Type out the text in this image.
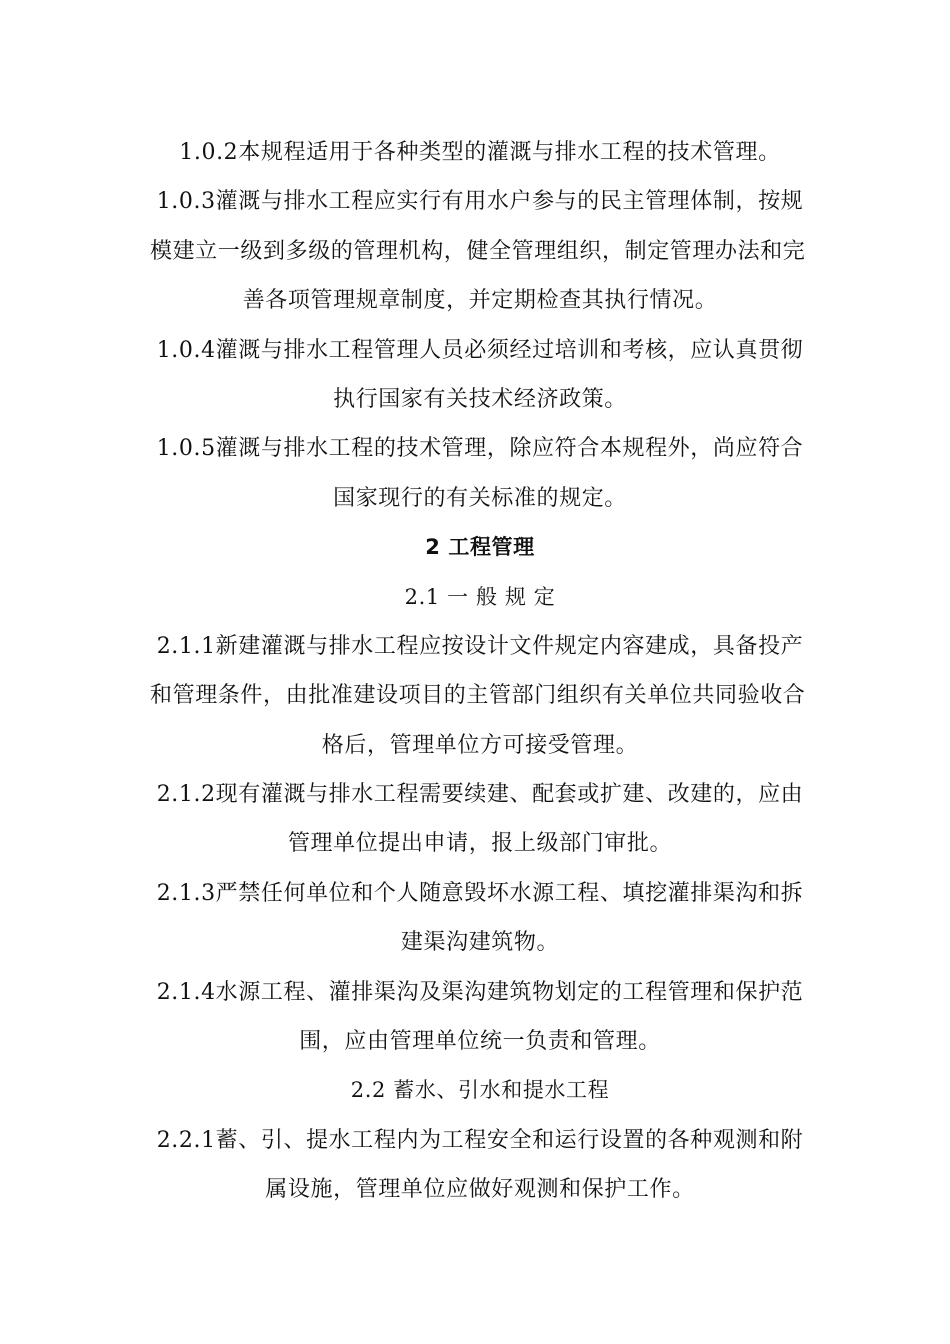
1.0.2本规程适用于各种类型的灌溉与排水工程的技术管理。
1.0.3灌溉与排水工程应实行有用水户参与的民主管理体制，按规
模建立一级到多级的管理机构，健全管理组织，制定管理办法和完
善各项管理规章制度，并定期检查其执行情况。
1.0.4灌溉与排水工程管理人员必须经过培训和考核，应认真贯彻
执行国家有关技术经济政策。
1.0.5灌溉与排水工程的技术管理，除应符合本规程外，尚应符合
国家现行的有关标准的规定。
2 工程管理
2.1 一 般 规 定
2.1.1新建灌溉与排水工程应按设计文件规定内容建成，具备投产
和管理条件，由批准建设项目的主管部门组织有关单位共同验收合
格后，管理单位方可接受管理。
2.1.2现有灌溉与排水工程需要续建、配套或扩建、改建的，应由
管理单位提出申请，报上级部门审批。
2.1.3严禁任何单位和个人随意毁坏水源工程、填挖灌排渠沟和拆
建渠沟建筑物。
2.1.4水源工程、灌排渠沟及渠沟建筑物划定的工程管理和保护范
围，应由管理单位统一负责和管理。
2.2 蓄水、引水和提水工程
2.2.1蓄、引、提水工程内为工程安全和运行设置的各种观测和附
属设施，管理单位应做好观测和保护工作。
